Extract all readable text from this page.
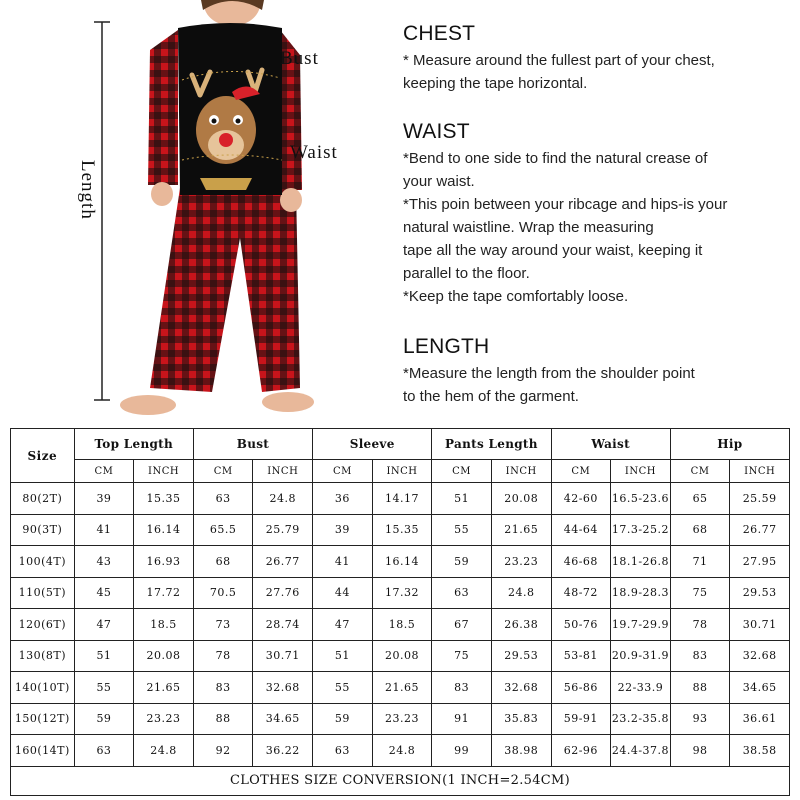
Bust
Waist
Length
CHEST

* Measure around the fullest part of your chest,

keeping the tape horizontal.

WAIST

*Bend to one side to find the natural crease of

your waist.

*This poin between your ribcage and hips-is your

natural waistline. Wrap the measuring

tape all the way around your waist, keeping it

parallel to the floor.

*Keep the tape comfortably loose.

LENGTH

*Measure the length from the shoulder point

to the hem of the garment.

Size	Top Length		Bust		Sleeve		Pants Length		Waist		Hip	
	CM	INCH	CM	INCH	CM	INCH	CM	INCH	CM	INCH	CM	INCH
80(2T)	39	15.35	63	24.8	36	14.17	51	20.08	42-60	16.5-23.6	65	25.59
90(3T)	41	16.14	65.5	25.79	39	15.35	55	21.65	44-64	17.3-25.2	68	26.77
100(4T)	43	16.93	68	26.77	41	16.14	59	23.23	46-68	18.1-26.8	71	27.95
110(5T)	45	17.72	70.5	27.76	44	17.32	63	24.8	48-72	18.9-28.3	75	29.53
120(6T)	47	18.5	73	28.74	47	18.5	67	26.38	50-76	19.7-29.9	78	30.71
130(8T)	51	20.08	78	30.71	51	20.08	75	29.53	53-81	20.9-31.9	83	32.68
140(10T)	55	21.65	83	32.68	55	21.65	83	32.68	56-86	22-33.9	88	34.65
150(12T)	59	23.23	88	34.65	59	23.23	91	35.83	59-91	23.2-35.8	93	36.61
160(14T)	63	24.8	92	36.22	63	24.8	99	38.98	62-96	24.4-37.8	98	38.58
CLOTHES SIZE CONVERSION(1 INCH=2.54CM)												
